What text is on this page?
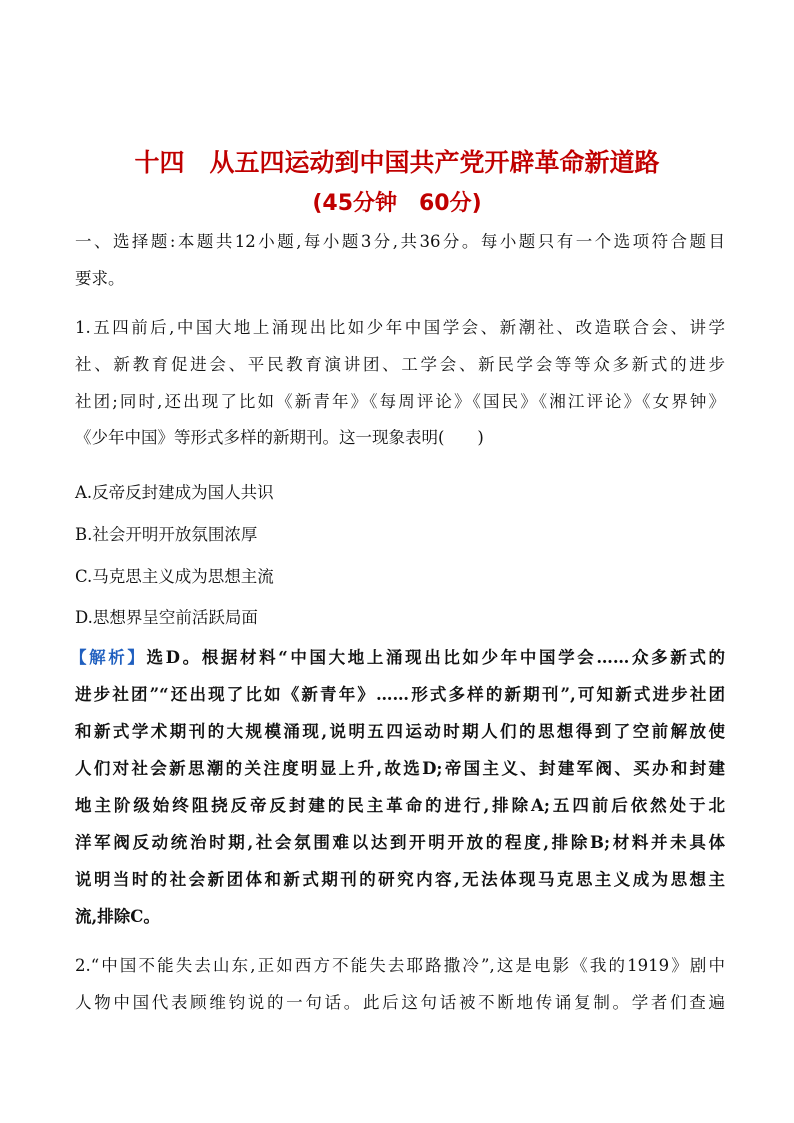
十四　从五四运动到中国共产党开辟革命新道路
(45分钟　60分)
一、选择题:本题共12小题,每小题3分,共36分。每小题只有一个选项符合题目
要求。
1.五四前后,中国大地上涌现出比如少年中国学会、新潮社、改造联合会、讲学
社、新教育促进会、平民教育演讲团、工学会、新民学会等等众多新式的进步
社团;同时,还出现了比如《新青年》《每周评论》《国民》《湘江评论》《女界钟》
《少年中国》等形式多样的新期刊。这一现象表明(　　)
A.反帝反封建成为国人共识
B.社会开明开放氛围浓厚
C.马克思主义成为思想主流
D.思想界呈空前活跃局面
【解析】选D。根据材料“中国大地上涌现出比如少年中国学会……众多新式的
进步社团”“还出现了比如《新青年》……形式多样的新期刊”,可知新式进步社团
和新式学术期刊的大规模涌现,说明五四运动时期人们的思想得到了空前解放使
人们对社会新思潮的关注度明显上升,故选D;帝国主义、封建军阀、买办和封建
地主阶级始终阻挠反帝反封建的民主革命的进行,排除A;五四前后依然处于北
洋军阀反动统治时期,社会氛围难以达到开明开放的程度,排除B;材料并未具体
说明当时的社会新团体和新式期刊的研究内容,无法体现马克思主义成为思想主
流,排除C。
2.“中国不能失去山东,正如西方不能失去耶路撒冷”,这是电影《我的1919》剧中
人物中国代表顾维钧说的一句话。此后这句话被不断地传诵复制。学者们查遍
